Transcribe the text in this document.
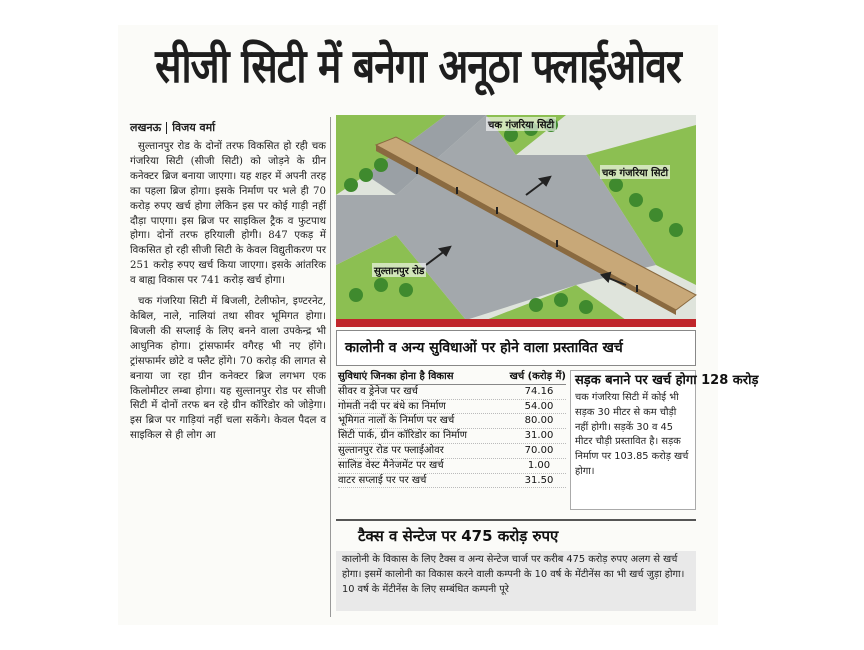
सीजी सिटी में बनेगा अनूठा फ्लाईओवर
लखनऊ विजय वर्मा

सुल्तानपुर रोड के दोनों तरफ विकसित हो रही चक गंजरिया सिटी (सीजी सिटी) को जोड़ने के ग्रीन कनेक्टर ब्रिज बनाया जाएगा। यह शहर में अपनी तरह का पहला ब्रिज होगा। इसके निर्माण पर भले ही 70 करोड़ रुपए खर्च होगा लेकिन इस पर कोई गाड़ी नहीं दौड़ा पाएगा। इस ब्रिज पर साइकिल ट्रैक व फुटपाथ होगा। दोनों तरफ हरियाली होगी। 847 एकड़ में विकसित हो रही सीजी सिटी के केवल विद्युतीकरण पर 251 करोड़ रुपए खर्च किया जाएगा। इसके आंतरिक व बाह्य विकास पर 741 करोड़ खर्च होगा।

चक गंजरिया सिटी में बिजली, टेलीफोन, इण्टरनेट, केबिल, नाले, नालियां तथा सीवर भूमिगत होगा। बिजली की सप्लाई के लिए बनने वाला उपकेन्द्र भी आधुनिक होगा। ट्रांसफार्मर वगैरह भी नए होंगे। ट्रांसफार्मर छोटे व फ्लैट होंगे। 70 करोड़ की लागत से बनाया जा रहा ग्रीन कनेक्टर ब्रिज लगभग एक किलोमीटर लम्बा होगा। यह सुल्तानपुर रोड पर सीजी सिटी में दोनों तरफ बन रहे ग्रीन कॉरिडोर को जोड़ेगा। इस ब्रिज पर गाड़ियां नहीं चला सकेंगे। केवल पैदल व साइकिल से ही लोग आ

चक गंजरिया सिटी
चक गंजरिया सिटी
सुल्तानपुर रोड
कालोनी व अन्य सुविधाओं पर होने वाला प्रस्तावित खर्च
सुविधाएं जिनका होना है विकास	खर्च (करोड़ में)
सीवर व ड्रेनेज पर खर्च	74.16
गोमती नदी पर बंधे का निर्माण	54.00
भूमिगत नालों के निर्माण पर खर्च	80.00
सिटी पार्क, ग्रीन कॉरिडोर का निर्माण	31.00
सुल्तानपुर रोड पर फ्लाईओवर	70.00
सालिड वेस्ट मैनेजमेंट पर खर्च	1.00
वाटर सप्लाई पर पर खर्च	31.50
सड़क बनाने पर खर्च होगा 128 करोड़
चक गंजरिया सिटी में कोई भी सड़क 30 मीटर से कम चौड़ी नहीं होगी। सड़कें 30 व 45 मीटर चौड़ी प्रस्तावित है। सड़क निर्माण पर 103.85 करोड़ खर्च होगा।
टैक्स व सेन्टेज पर 475 करोड़ रुपए
कालोनी के विकास के लिए टैक्स व अन्य सेन्टेज चार्ज पर करीब 475 करोड़ रुपए अलग से खर्च होगा। इसमें कालोनी का विकास करने वाली कम्पनी के 10 वर्ष के मेंटीनेंस का भी खर्च जुड़ा होगा। 10 वर्ष के मेंटीनेंस के लिए सम्बंधित कम्पनी पूरे
